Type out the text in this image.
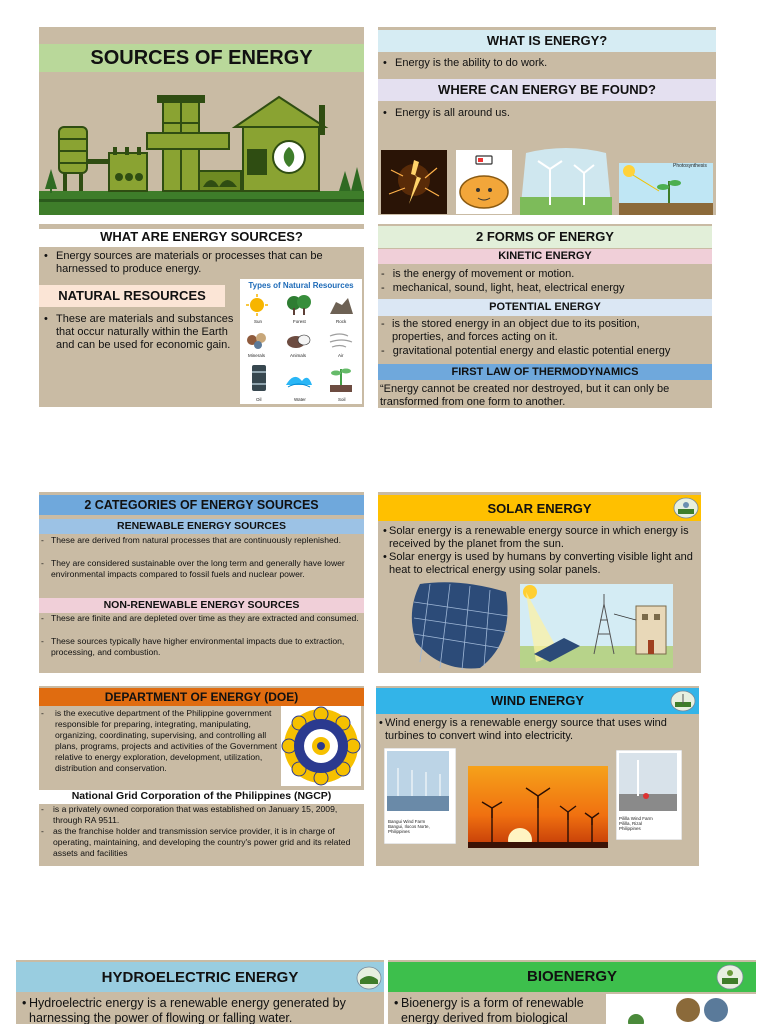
SOURCES OF ENERGY
WHAT IS ENERGY?
• Energy is the ability to do work.
WHERE CAN ENERGY BE FOUND?
• Energy is all around us.
Photosynthesis
WHAT ARE ENERGY SOURCES?
• Energy sources are materials or processes that can be harnessed to produce energy.
NATURAL RESOURCES
• These are materials and substances that occur naturally within the Earth and can be used for economic gain.
Types of Natural Resources
Sun	Forest	Rock
Minerals	Animals	Air
Oil	Water	Soil
2 FORMS OF ENERGY
KINETIC ENERGY
- is the energy of movement or motion.
- mechanical, sound, light, heat, electrical energy
POTENTIAL ENERGY
- is the stored energy in an object due to its position, properties, and forces acting on it.
- gravitational potential energy and elastic potential energy
FIRST LAW OF THERMODYNAMICS
“Energy cannot be created nor destroyed, but it can only be transformed from one form to another.
2 CATEGORIES OF ENERGY SOURCES
RENEWABLE ENERGY SOURCES
- These are derived from natural processes that are continuously replenished.
- They are considered sustainable over the long term and generally have lower environmental impacts compared to fossil fuels and nuclear power.
NON-RENEWABLE ENERGY SOURCES
- These are finite and are depleted over time as they are extracted and consumed.
- These sources typically have higher environmental impacts due to extraction, processing, and combustion.
SOLAR ENERGY
• Solar energy is a renewable energy source in which energy is received by the planet from the sun.
• Solar energy is used by humans by converting visible light and heat to electrical energy using solar panels.
DEPARTMENT OF ENERGY (DOE)
- is the executive department of the Philippine government responsible for preparing, integrating, manipulating, organizing, coordinating, supervising, and controlling all plans, programs, projects and activities of the Government relative to energy exploration, development, utilization, distribution and conservation.
National Grid Corporation of the Philippines (NGCP)
- is a privately owned corporation that was established on January 15, 2009, through RA 9511.
- as the franchise holder and transmission service provider, it is in charge of operating, maintaining, and developing the country's power grid and its related assets and facilities
WIND ENERGY
• Wind energy is a renewable energy source that uses wind turbines to convert wind into electricity.
Bangui Wind Farm Bangui, Ilocos Norte, Philippines
Pililla Wind Farm Pililla, Rizal Philippines
HYDROELECTRIC ENERGY
• Hydroelectric energy is a renewable energy generated by harnessing the power of flowing or falling water.
BIOENERGY
• Bioenergy is a form of renewable energy derived from biological
